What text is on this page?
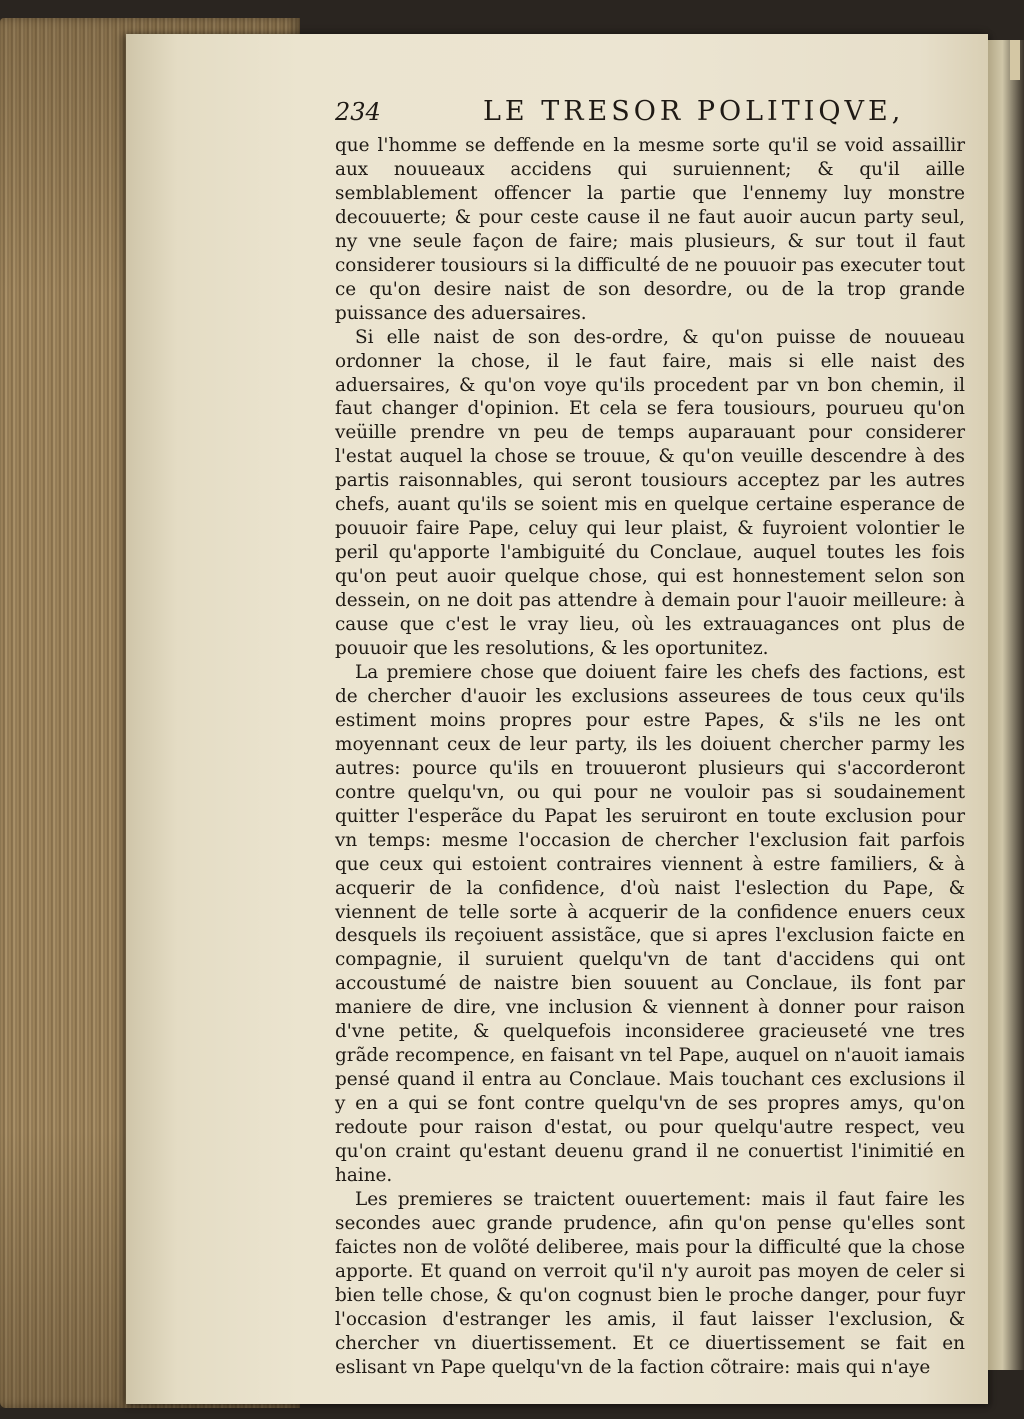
234	LE TRESOR POLITIQVE,

que l'homme se deffende en la mesme sorte qu'il se void assaillir aux nouueaux accidens qui suruiennent; & qu'il aille semblablement offencer la partie que l'ennemy luy monstre decouuerte; & pour ceste cause il ne faut auoir aucun party seul, ny vne seule façon de faire; mais plusieurs, & sur tout il faut considerer tousiours si la difficulté de ne pouuoir pas executer tout ce qu'on desire naist de son desordre, ou de la trop grande puissance des aduersaires.

Si elle naist de son des-ordre, & qu'on puisse de nouueau ordonner la chose, il le faut faire, mais si elle naist des aduersaires, & qu'on voye qu'ils procedent par vn bon chemin, il faut changer d'opinion. Et cela se fera tousiours, pourueu qu'on veüille prendre vn peu de temps auparauant pour considerer l'estat auquel la chose se trouue, & qu'on veuille descendre à des partis raisonnables, qui seront tousiours acceptez par les autres chefs, auant qu'ils se soient mis en quelque certaine esperance de pouuoir faire Pape, celuy qui leur plaist, & fuyroient volontier le peril qu'apporte l'ambiguité du Conclaue, auquel toutes les fois qu'on peut auoir quelque chose, qui est honnestement selon son dessein, on ne doit pas attendre à demain pour l'auoir meilleure: à cause que c'est le vray lieu, où les extrauagances ont plus de pouuoir que les resolutions, & les oportunitez.

La premiere chose que doiuent faire les chefs des factions, est de chercher d'auoir les exclusions asseurees de tous ceux qu'ils estiment moins propres pour estre Papes, & s'ils ne les ont moyennant ceux de leur party, ils les doiuent chercher parmy les autres: pource qu'ils en trouueront plusieurs qui s'accorderont contre quelqu'vn, ou qui pour ne vouloir pas si soudainement quitter l'esperãce du Papat les seruiront en toute exclusion pour vn temps: mesme l'occasion de chercher l'exclusion fait parfois que ceux qui estoient contraires viennent à estre familiers, & à acquerir de la confidence, d'où naist l'eslection du Pape, & viennent de telle sorte à acquerir de la confidence enuers ceux desquels ils reçoiuent assistãce, que si apres l'exclusion faicte en compagnie, il suruient quelqu'vn de tant d'accidens qui ont accoustumé de naistre bien souuent au Conclaue, ils font par maniere de dire, vne inclusion & viennent à donner pour raison d'vne petite, & quelquefois inconsideree gracieuseté vne tres grãde recompence, en faisant vn tel Pape, auquel on n'auoit iamais pensé quand il entra au Conclaue. Mais touchant ces exclusions il y en a qui se font contre quelqu'vn de ses propres amys, qu'on redoute pour raison d'estat, ou pour quelqu'autre respect, veu qu'on craint qu'estant deuenu grand il ne conuertist l'inimitié en haine.

Les premieres se traictent ouuertement: mais il faut faire les secondes auec grande prudence, afin qu'on pense qu'elles sont faictes non de volõté deliberee, mais pour la difficulté que la chose apporte. Et quand on verroit qu'il n'y auroit pas moyen de celer si bien telle chose, & qu'on cognust bien le proche danger, pour fuyr l'occasion d'estranger les amis, il faut laisser l'exclusion, & chercher vn diuertissement. Et ce diuertissement se fait en eslisant vn Pape quelqu'vn de la faction cõtraire: mais qui n'aye
